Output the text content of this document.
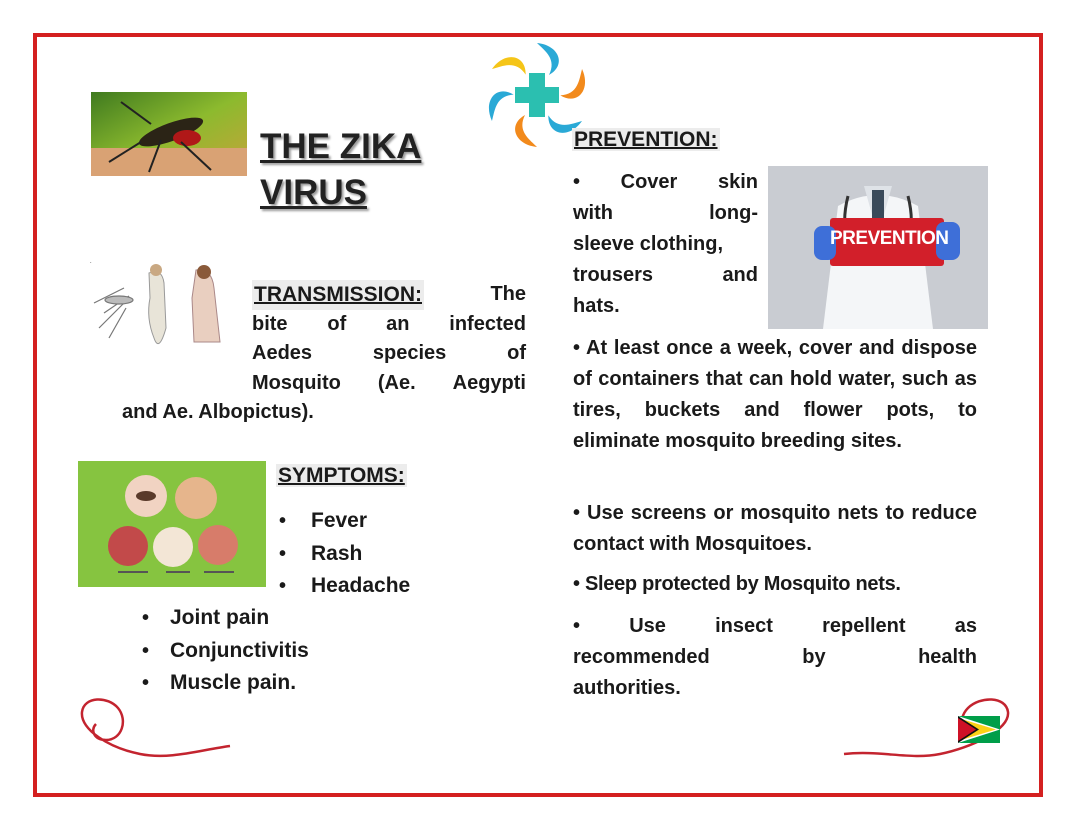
THE ZIKA
VIRUS
·
TRANSMISSION:	The
bite of an infected
Aedes	species	of
Mosquito (Ae. Aegypti
and Ae. Albopictus).
SYMPTOMS:
• Fever
• Rash
• Headache
• Joint pain
• Conjunctivitis
• Muscle pain.
PREVENTION:
• Cover skin
with	long-
sleeve clothing,
trousers	and
hats.
PREVENTION
• At least once a week, cover and dispose of containers that can hold water, such as tires, buckets and flower pots, to eliminate mosquito breeding sites.
• Use screens or mosquito nets to reduce contact with Mosquitoes.
• Sleep protected by Mosquito nets.
• Use insect repellent as
recommended	by	health
authorities.
